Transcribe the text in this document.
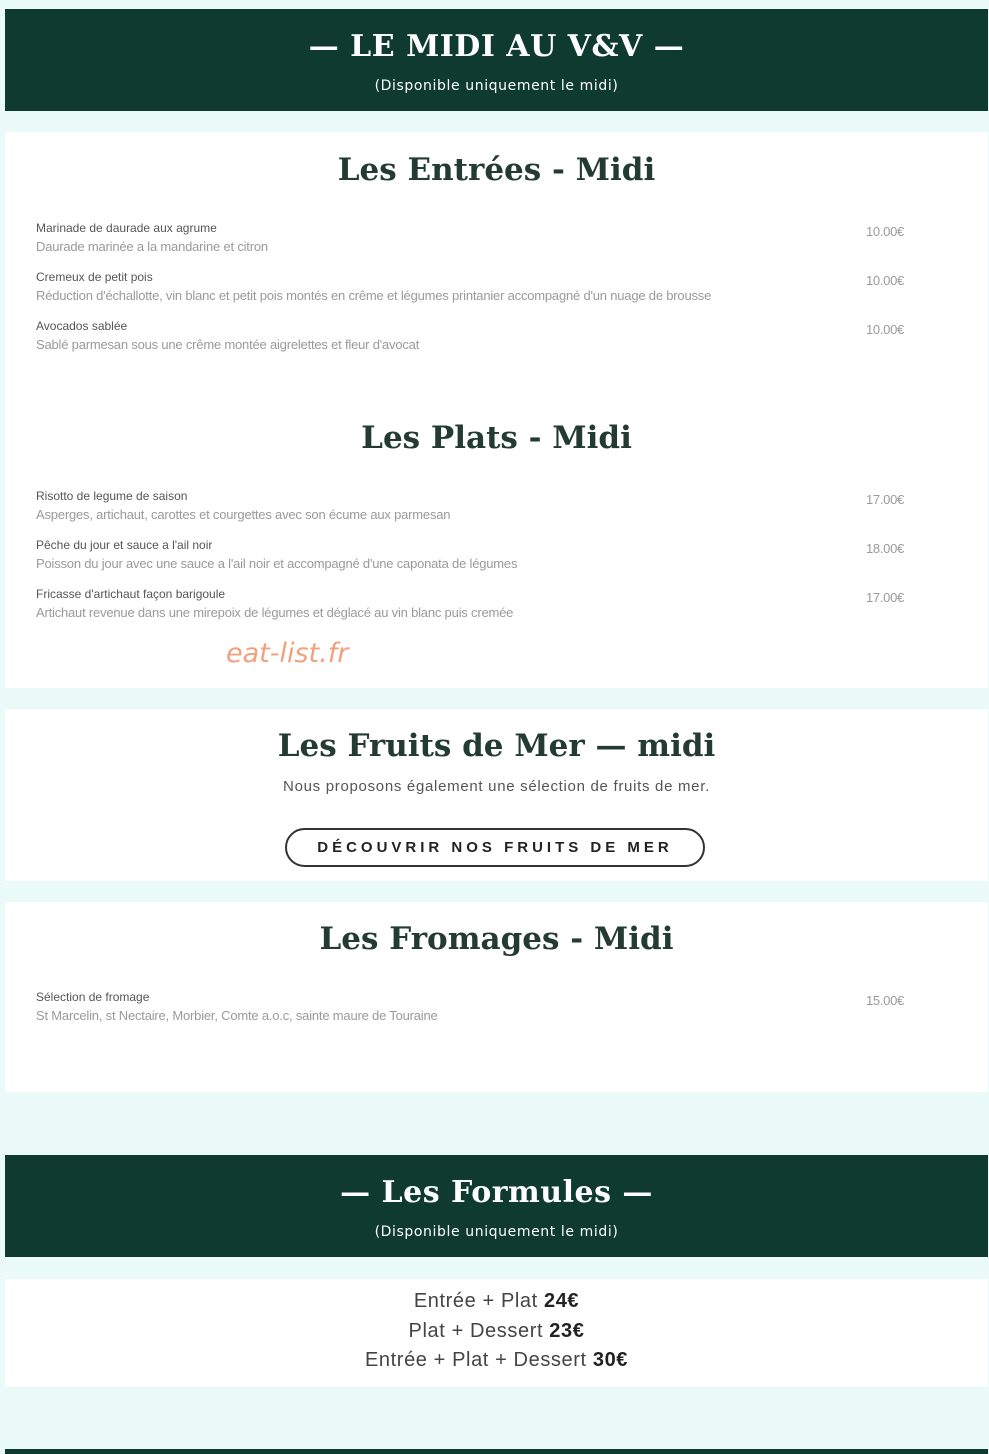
— LE MIDI AU V&V —
(Disponible uniquement le midi)
Les Entrées - Midi
Marinade de daurade aux agrume
Daurade marinée a la mandarine et citron
10.00€
Cremeux de petit pois
Réduction d'échallotte, vin blanc et petit pois montés en crême et légumes printanier accompagné d'un nuage de brousse
10.00€
Avocados sablée
Sablé parmesan sous une crême montée aigrelettes et fleur d'avocat
10.00€
Les Plats - Midi
Risotto de legume de saison
Asperges, artichaut, carottes et courgettes avec son écume aux parmesan
17.00€
Pêche du jour et sauce a l'ail noir
Poisson du jour avec une sauce a l'ail noir et accompagné d'une caponata de légumes
18.00€
Fricasse d'artichaut façon barigoule
Artichaut revenue dans une mirepoix de légumes et déglacé au vin blanc puis cremée
17.00€
eat-list.fr
Les Fruits de Mer — midi
Nous proposons également une sélection de fruits de mer.
DÉCOUVRIR NOS FRUITS DE MER
Les Fromages - Midi
Sélection de fromage
St Marcelin, st Nectaire, Morbier, Comte a.o.c, sainte maure de Touraine
15.00€
— Les Formules —
(Disponible uniquement le midi)
Entrée + Plat 24€
Plat + Dessert 23€
Entrée + Plat + Dessert 30€
